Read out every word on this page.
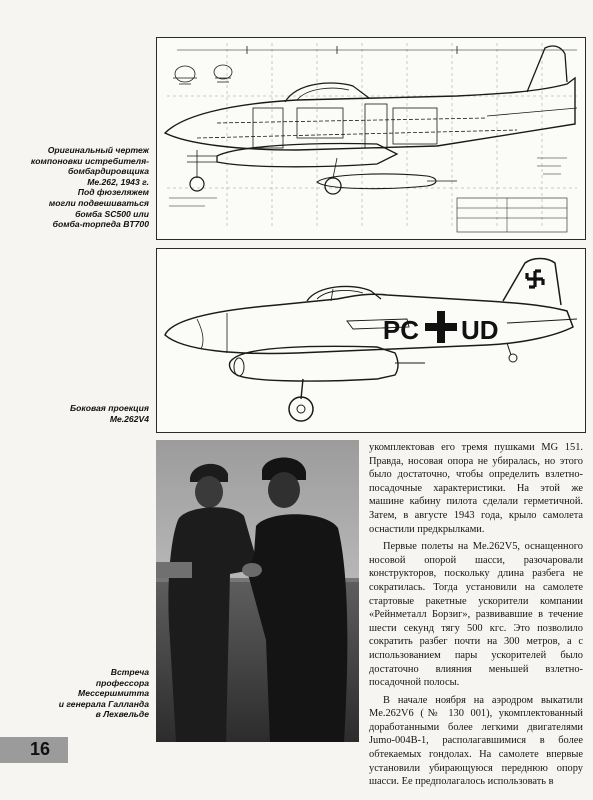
Оригинальный чертеж
компоновки истребителя-
бомбардировщика
Me.262, 1943 г.
Под фюзеляжем
могли подвешиваться
бомба SC500 или
бомба-торпеда BT700
PC UD
Боковая проекция
Me.262V4
Встреча
профессора
Мессершмитта
и генерала Галланда
в Лехвельде

укомплектовав его тремя пушками MG 151. Правда, носовая опора не убиралась, но этого было достаточно, чтобы определить взлетно-посадочные характеристики. На этой же машине кабину пилота сделали герметичной. Затем, в августе 1943 года, крыло самолета оснастили предкрылками.

Первые полеты на Me.262V5, оснащенного носовой опорой шасси, разочаровали конструкторов, поскольку длина разбега не сократилась. Тогда установили на самолете стартовые ракетные ускорители компании «Рейнметалл Борзиг», развивавшие в течение шести секунд тягу 500 кгс. Это позволило сократить разбег почти на 300 метров, а с использованием пары ускорителей было достаточно влияния меньшей взлетно-посадочной полосы.

В начале ноября на аэродром выкатили Me.262V6 (№ 130 001), укомплектованный доработанными более легкими двигателями Jumo-004B-1, располагавшимися в более обтекаемых гондолах. На самолете впервые установили убирающуюся переднюю опору шасси. Ее предполагалось использовать в

16
